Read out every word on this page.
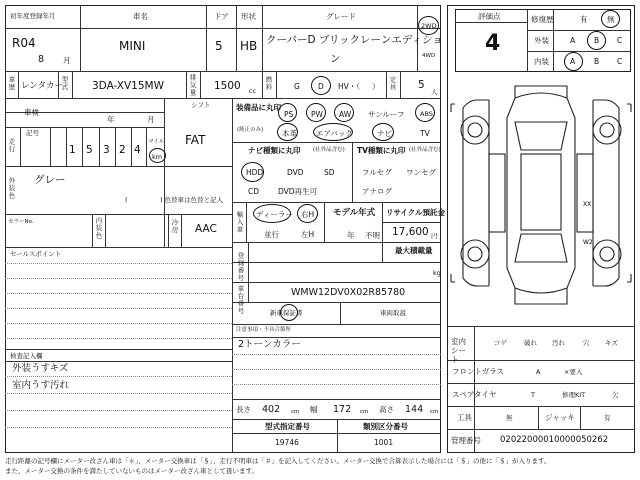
初年度登録年月
R04
8	月
車名
MINI
ドア
5
形状
HB
グレード
クーパーD ブリックレーンエディショ
ン
2WD
4WD
車歴 レンタカー
型式 3DA-XV15MW	排気量 1500 cc 燃料	G D HV・（ ） 定員 5
人
車検
年	月
シフト
FAT
走行
記号
1 5 3 2 4
マイル
km
外装色 グレー
(　　　　　) 色替車は色替と記入
カラーNo.	内装色	冷房 AAC
セールスポイント
検査記入欄
外装うすキズ
室内うす汚れ
装備品に丸印
(純正のみ)
PS PW AW サンルーフ ABS
本革	エアバック	ナビ	TV
ナビ種類に丸印 (社外品含む)
HDD	DVD	SD
CD	DVD再生可
TV種類に丸印 (社外品含む)
フルセグ ワンセグ
アナログ
輸入車 ディーラー 右H
並行	左H
モデル年式
年 不明
リサイクル預託金
17,600 円
登録番号
最大積載量
kg
車台番号	WMW12DV0X02R85780
新車保証書	車両取説
注意事項・不具合箇所
2トーンカラー
長さ 402 cm 幅 172 cm 高さ 144 cm
型式指定番号
19746
類別区分番号
1001
評価点
4
修復歴	有	無
外装	A	B C
内装	A	B C
XX
W2
室内シート
コゲ	破れ 汚れ	穴 キズ
フロントガラス	A	×要入
スペアタイヤ	T	修理KIT	欠
工具	無	ジャッキ	有
管理番号 02022000010000050262
走行距離の記号欄にメーター改ざん車は「＊」、メーター交換車は「＄」、走行不明車は「＃」を記入してください。メーター交換で合算表示した場合には「＄」の他に「＄」が入ります。
また、メーター交換の条件を満たしていないものはメーター改ざん車として扱います。
